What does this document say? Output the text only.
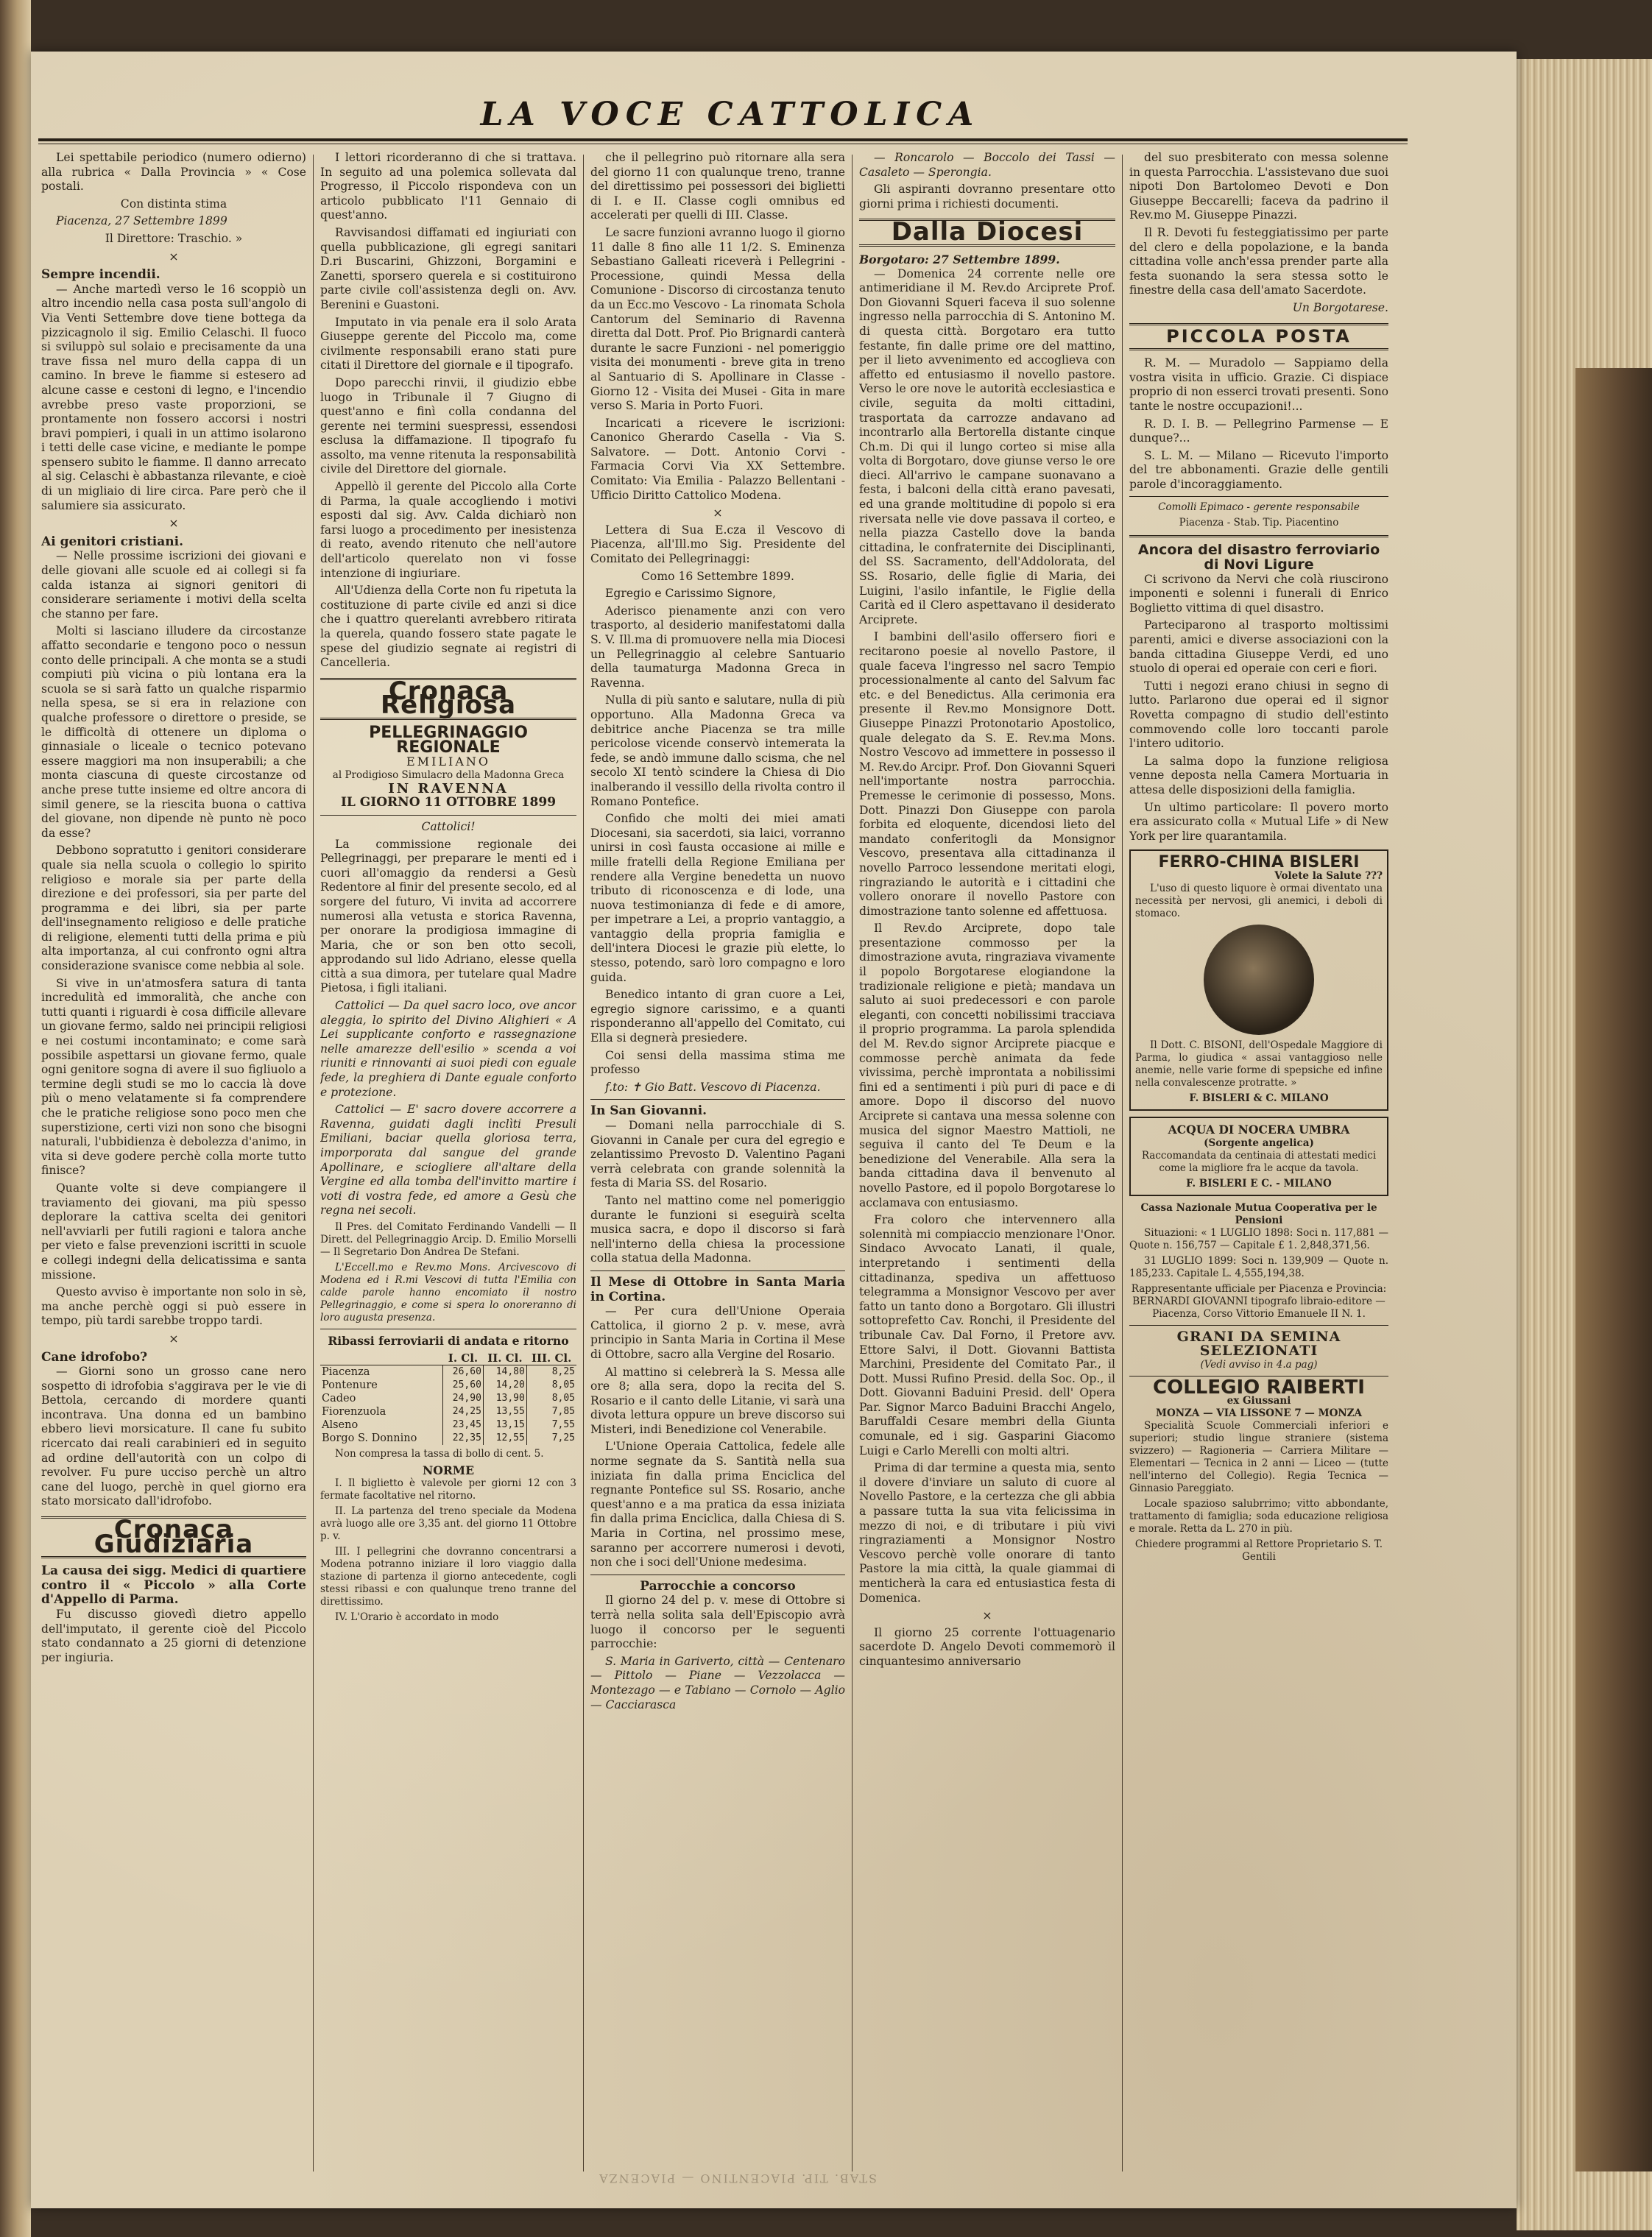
LA VOCE CATTOLICA

Lei spettabile periodico (numero odierno) alla rubrica « Dalla Provincia » « Cose postali.

Con distinta stima

Piacenza, 27 Settembre 1899

Il Direttore: Traschio. »

×
Sempre incendii.

— Anche martedì verso le 16 scoppiò un altro incendio nella casa posta sull'angolo di Via Venti Settembre dove tiene bottega da pizzicagnolo il sig. Emilio Celaschi. Il fuoco si sviluppò sul solaio e precisamente da una trave fissa nel muro della cappa di un camino. In breve le fiamme si estesero ad alcune casse e cestoni di legno, e l'incendio avrebbe preso vaste proporzioni, se prontamente non fossero accorsi i nostri bravi pompieri, i quali in un attimo isolarono i tetti delle case vicine, e mediante le pompe spensero subito le fiamme. Il danno arrecato al sig. Celaschi è abbastanza rilevante, e cioè di un migliaio di lire circa. Pare però che il salumiere sia assicurato.

×
Ai genitori cristiani.

— Nelle prossime iscrizioni dei giovani e delle giovani alle scuole ed ai collegi si fa calda istanza ai signori genitori di considerare seriamente i motivi della scelta che stanno per fare.

Molti si lasciano illudere da circostanze affatto secondarie e tengono poco o nessun conto delle principali. A che monta se a studi compiuti più vicina o più lontana era la scuola se si sarà fatto un qualche risparmio nella spesa, se si era in relazione con qualche professore o direttore o preside, se le difficoltà di ottenere un diploma o ginnasiale o liceale o tecnico potevano essere maggiori ma non insuperabili; a che monta ciascuna di queste circostanze od anche prese tutte insieme ed oltre ancora di simil genere, se la riescita buona o cattiva del giovane, non dipende nè punto nè poco da esse?

Debbono sopratutto i genitori considerare quale sia nella scuola o collegio lo spirito religioso e morale sia per parte della direzione e dei professori, sia per parte del programma e dei libri, sia per parte dell'insegnamento religioso e delle pratiche di religione, elementi tutti della prima e più alta importanza, al cui confronto ogni altra considerazione svanisce come nebbia al sole.

Si vive in un'atmosfera satura di tanta incredulità ed immoralità, che anche con tutti quanti i riguardi è cosa difficile allevare un giovane fermo, saldo nei principii religiosi e nei costumi incontaminato; e come sarà possibile aspettarsi un giovane fermo, quale ogni genitore sogna di avere il suo figliuolo a termine degli studi se mo lo caccia là dove più o meno velatamente si fa comprendere che le pratiche religiose sono poco men che superstizione, certi vizi non sono che bisogni naturali, l'ubbidienza è debolezza d'animo, in vita si deve godere perchè colla morte tutto finisce?

Quante volte si deve compiangere il traviamento dei giovani, ma più spesso deplorare la cattiva scelta dei genitori nell'avviarli per futili ragioni e talora anche per vieto e false prevenzioni iscritti in scuole e collegi indegni della delicatissima e santa missione.

Questo avviso è importante non solo in sè, ma anche perchè oggi si può essere in tempo, più tardi sarebbe troppo tardi.

×
Cane idrofobo?

— Giorni sono un grosso cane nero sospetto di idrofobia s'aggirava per le vie di Bettola, cercando di mordere quanti incontrava. Una donna ed un bambino ebbero lievi morsicature. Il cane fu subito ricercato dai reali carabinieri ed in seguito ad ordine dell'autorità con un colpo di revolver. Fu pure ucciso perchè un altro cane del luogo, perchè in quel giorno era stato morsicato dall'idrofobo.

Cronaca Giudiziaria
La causa dei sigg. Medici di quartiere contro il « Piccolo » alla Corte d'Appello di Parma.

Fu discusso giovedì dietro appello dell'imputato, il gerente cioè del Piccolo stato condannato a 25 giorni di detenzione per ingiuria.

I lettori ricorderanno di che si trattava. In seguito ad una polemica sollevata dal Progresso, il Piccolo rispondeva con un articolo pubblicato l'11 Gennaio di quest'anno.

Ravvisandosi diffamati ed ingiuriati con quella pubblicazione, gli egregi sanitari D.ri Buscarini, Ghizzoni, Borgamini e Zanetti, sporsero querela e si costituirono parte civile coll'assistenza degli on. Avv. Berenini e Guastoni.

Imputato in via penale era il solo Arata Giuseppe gerente del Piccolo ma, come civilmente responsabili erano stati pure citati il Direttore del giornale e il tipografo.

Dopo parecchi rinvii, il giudizio ebbe luogo in Tribunale il 7 Giugno di quest'anno e finì colla condanna del gerente nei termini suespressi, essendosi esclusa la diffamazione. Il tipografo fu assolto, ma venne ritenuta la responsabilità civile del Direttore del giornale.

Appellò il gerente del Piccolo alla Corte di Parma, la quale accogliendo i motivi esposti dal sig. Avv. Calda dichiarò non farsi luogo a procedimento per inesistenza di reato, avendo ritenuto che nell'autore dell'articolo querelato non vi fosse intenzione di ingiuriare.

All'Udienza della Corte non fu ripetuta la costituzione di parte civile ed anzi si dice che i quattro querelanti avrebbero ritirata la querela, quando fossero state pagate le spese del giudizio segnate ai registri di Cancelleria.

Cronaca Religiosa
PELLEGRINAGGIO REGIONALE
EMILIANO
al Prodigioso Simulacro della Madonna Greca
IN RAVENNA
IL GIORNO 11 OTTOBRE 1899

Cattolici!

La commissione regionale dei Pellegrinaggi, per preparare le menti ed i cuori all'omaggio da rendersi a Gesù Redentore al finir del presente secolo, ed al sorgere del futuro, Vi invita ad accorrere numerosi alla vetusta e storica Ravenna, per onorare la prodigiosa immagine di Maria, che or son ben otto secoli, approdando sul lido Adriano, elesse quella città a sua dimora, per tutelare qual Madre Pietosa, i figli italiani.

Cattolici — Da quel sacro loco, ove ancor aleggia, lo spirito del Divino Alighieri « A Lei supplicante conforto e rassegnazione nelle amarezze dell'esilio » scenda a voi riuniti e rinnovanti ai suoi piedi con eguale fede, la preghiera di Dante eguale conforto e protezione.

Cattolici — E' sacro dovere accorrere a Ravenna, guidati dagli inclìti Presuli Emiliani, baciar quella gloriosa terra, imporporata dal sangue del grande Apollinare, e sciogliere all'altare della Vergine ed alla tomba dell'invitto martire i voti di vostra fede, ed amore a Gesù che regna nei secoli.

Il Pres. del Comitato Ferdinando Vandelli — Il Dirett. del Pellegrinaggio Arcip. D. Emilio Morselli — Il Segretario Don Andrea De Stefani.

L'Eccell.mo e Rev.mo Mons. Arcivescovo di Modena ed i R.mi Vescovi di tutta l'Emilia con calde parole hanno encomiato il nostro Pellegrinaggio, e come si spera lo onoreranno di loro augusta presenza.

Ribassi ferroviarii di andata e ritorno
	I. Cl.	II. Cl.	III. Cl.
Piacenza	26,60	14,80	8,25
Pontenure	25,60	14,20	8,05
Cadeo	24,90	13,90	8,05
Fiorenzuola	24,25	13,55	7,85
Alseno	23,45	13,15	7,55
Borgo S. Donnino	22,35	12,55	7,25

Non compresa la tassa di bollo di cent. 5.

NORME

I. Il biglietto è valevole per giorni 12 con 3 fermate facoltative nel ritorno.

II. La partenza del treno speciale da Modena avrà luogo alle ore 3,35 ant. del giorno 11 Ottobre p. v.

III. I pellegrini che dovranno concentrarsi a Modena potranno iniziare il loro viaggio dalla stazione di partenza il giorno antecedente, cogli stessi ribassi e con qualunque treno tranne del direttissimo.

IV. L'Orario è accordato in modo

che il pellegrino può ritornare alla sera del giorno 11 con qualunque treno, tranne del direttissimo pei possessori dei biglietti di I. e II. Classe cogli omnibus ed accelerati per quelli di III. Classe.

Le sacre funzioni avranno luogo il giorno 11 dalle 8 fino alle 11 1/2. S. Eminenza Sebastiano Galleati riceverà i Pellegrini - Processione, quindi Messa della Comunione - Discorso di circostanza tenuto da un Ecc.mo Vescovo - La rinomata Schola Cantorum del Seminario di Ravenna diretta dal Dott. Prof. Pio Brignardi canterà durante le sacre Funzioni - nel pomeriggio visita dei monumenti - breve gita in treno al Santuario di S. Apollinare in Classe - Giorno 12 - Visita dei Musei - Gita in mare verso S. Maria in Porto Fuori.

Incaricati a ricevere le iscrizioni: Canonico Gherardo Casella - Via S. Salvatore. — Dott. Antonio Corvi - Farmacia Corvi Via XX Settembre. Comitato: Via Emilia - Palazzo Bellentani - Ufficio Diritto Cattolico Modena.

×

Lettera di Sua E.cza il Vescovo di Piacenza, all'Ill.mo Sig. Presidente del Comitato dei Pellegrinaggi:

Como 16 Settembre 1899.

Egregio e Carissimo Signore,

Aderisco pienamente anzi con vero trasporto, al desiderio manifestatomi dalla S. V. Ill.ma di promuovere nella mia Diocesi un Pellegrinaggio al celebre Santuario della taumaturga Madonna Greca in Ravenna.

Nulla di più santo e salutare, nulla di più opportuno. Alla Madonna Greca va debitrice anche Piacenza se tra mille pericolose vicende conservò intemerata la fede, se andò immune dallo scisma, che nel secolo XI tentò scindere la Chiesa di Dio inalberando il vessillo della rivolta contro il Romano Pontefice.

Confido che molti dei miei amati Diocesani, sia sacerdoti, sia laici, vorranno unirsi in così fausta occasione ai mille e mille fratelli della Regione Emiliana per rendere alla Vergine benedetta un nuovo tributo di riconoscenza e di lode, una nuova testimonianza di fede e di amore, per impetrare a Lei, a proprio vantaggio, a vantaggio della propria famiglia e dell'intera Diocesi le grazie più elette, lo stesso, potendo, sarò loro compagno e loro guida.

Benedico intanto di gran cuore a Lei, egregio signore carissimo, e a quanti risponderanno all'appello del Comitato, cui Ella si degnerà presiedere.

Coi sensi della massima stima me professo

f.to: ✝ Gio Batt. Vescovo di Piacenza.

In San Giovanni.

— Domani nella parrocchiale di S. Giovanni in Canale per cura del egregio e zelantissimo Prevosto D. Valentino Pagani verrà celebrata con grande solennità la festa di Maria SS. del Rosario.

Tanto nel mattino come nel pomeriggio durante le funzioni si eseguirà scelta musica sacra, e dopo il discorso si farà nell'interno della chiesa la processione colla statua della Madonna.

Il Mese di Ottobre in Santa Maria in Cortina.

— Per cura dell'Unione Operaia Cattolica, il giorno 2 p. v. mese, avrà principio in Santa Maria in Cortina il Mese di Ottobre, sacro alla Vergine del Rosario.

Al mattino si celebrerà la S. Messa alle ore 8; alla sera, dopo la recita del S. Rosario e il canto delle Litanie, vi sarà una divota lettura oppure un breve discorso sui Misteri, indi Benedizione col Venerabile.

L'Unione Operaia Cattolica, fedele alle norme segnate da S. Santità nella sua iniziata fin dalla prima Enciclica del regnante Pontefice sul SS. Rosario, anche quest'anno e a ma pratica da essa iniziata fin dalla prima Enciclica, dalla Chiesa di S. Maria in Cortina, nel prossimo mese, saranno per accorrere numerosi i devoti, non che i soci dell'Unione medesima.

Parrocchie a concorso

Il giorno 24 del p. v. mese di Ottobre si terrà nella solita sala dell'Episcopio avrà luogo il concorso per le seguenti parrocchie:

S. Maria in Gariverto, città — Centenaro — Pittolo — Piane — Vezzolacca — Montezago — e Tabiano — Cornolo — Aglio — Cacciarasca

— Roncarolo — Boccolo dei Tassi — Casaleto — Sperongia.

Gli aspiranti dovranno presentare otto giorni prima i richiesti documenti.

Dalla Diocesi
Borgotaro: 27 Settembre 1899.

— Domenica 24 corrente nelle ore antimeridiane il M. Rev.do Arciprete Prof. Don Giovanni Squeri faceva il suo solenne ingresso nella parrocchia di S. Antonino M. di questa città. Borgotaro era tutto festante, fin dalle prime ore del mattino, per il lieto avvenimento ed accoglieva con affetto ed entusiasmo il novello pastore. Verso le ore nove le autorità ecclesiastica e civile, seguita da molti cittadini, trasportata da carrozze andavano ad incontrarlo alla Bertorella distante cinque Ch.m. Di qui il lungo corteo si mise alla volta di Borgotaro, dove giunse verso le ore dieci. All'arrivo le campane suonavano a festa, i balconi della città erano pavesati, ed una grande moltitudine di popolo si era riversata nelle vie dove passava il corteo, e nella piazza Castello dove la banda cittadina, le confraternite dei Disciplinanti, del SS. Sacramento, dell'Addolorata, del SS. Rosario, delle figlie di Maria, dei Luigini, l'asilo infantile, le Figlie della Carità ed il Clero aspettavano il desiderato Arciprete.

I bambini dell'asilo offersero fiori e recitarono poesie al novello Pastore, il quale faceva l'ingresso nel sacro Tempio processionalmente al canto del Salvum fac etc. e del Benedictus. Alla cerimonia era presente il Rev.mo Monsignore Dott. Giuseppe Pinazzi Protonotario Apostolico, quale delegato da S. E. Rev.ma Mons. Nostro Vescovo ad immettere in possesso il M. Rev.do Arcipr. Prof. Don Giovanni Squeri nell'importante nostra parrocchia. Premesse le cerimonie di possesso, Mons. Dott. Pinazzi Don Giuseppe con parola forbita ed eloquente, dicendosi lieto del mandato conferitogli da Monsignor Vescovo, presentava alla cittadinanza il novello Parroco lessendone meritati elogi, ringraziando le autorità e i cittadini che vollero onorare il novello Pastore con dimostrazione tanto solenne ed affettuosa.

Il Rev.do Arciprete, dopo tale presentazione commosso per la dimostrazione avuta, ringraziava vivamente il popolo Borgotarese elogiandone la tradizionale religione e pietà; mandava un saluto ai suoi predecessori e con parole eleganti, con concetti nobilissimi tracciava il proprio programma. La parola splendida del M. Rev.do signor Arciprete piacque e commosse perchè animata da fede vivissima, perchè improntata a nobilissimi fini ed a sentimenti i più puri di pace e di amore. Dopo il discorso del nuovo Arciprete si cantava una messa solenne con musica del signor Maestro Mattioli, ne seguiva il canto del Te Deum e la benedizione del Venerabile. Alla sera la banda cittadina dava il benvenuto al novello Pastore, ed il popolo Borgotarese lo acclamava con entusiasmo.

Fra coloro che intervennero alla solennità mi compiaccio menzionare l'Onor. Sindaco Avvocato Lanati, il quale, interpretando i sentimenti della cittadinanza, spediva un affettuoso telegramma a Monsignor Vescovo per aver fatto un tanto dono a Borgotaro. Gli illustri sottoprefetto Cav. Ronchi, il Presidente del tribunale Cav. Dal Forno, il Pretore avv. Ettore Salvi, il Dott. Giovanni Battista Marchini, Presidente del Comitato Par., il Dott. Mussi Rufino Presid. della Soc. Op., il Dott. Giovanni Baduini Presid. dell' Opera Par. Signor Marco Baduini Bracchi Angelo, Baruffaldi Cesare membri della Giunta comunale, ed i sig. Gasparini Giacomo Luigi e Carlo Merelli con molti altri.

Prima di dar termine a questa mia, sento il dovere d'inviare un saluto di cuore al Novello Pastore, e la certezza che gli abbia a passare tutta la sua vita felicissima in mezzo di noi, e di tributare i più vivi ringraziamenti a Monsignor Nostro Vescovo perchè volle onorare di tanto Pastore la mia città, la quale giammai di menticherà la cara ed entusiastica festa di Domenica.

×

Il giorno 25 corrente l'ottuagenario sacerdote D. Angelo Devoti commemorò il cinquantesimo anniversario

del suo presbiterato con messa solenne in questa Parrocchia. L'assistevano due suoi nipoti Don Bartolomeo Devoti e Don Giuseppe Beccarelli; faceva da padrino il Rev.mo M. Giuseppe Pinazzi.

Il R. Devoti fu festeggiatissimo per parte del clero e della popolazione, e la banda cittadina volle anch'essa prender parte alla festa suonando la sera stessa sotto le finestre della casa dell'amato Sacerdote.

Un Borgotarese.

PICCOLA POSTA

R. M. — Muradolo — Sappiamo della vostra visita in ufficio. Grazie. Ci dispiace proprio di non esserci trovati presenti. Sono tante le nostre occupazioni!...

R. D. I. B. — Pellegrino Parmense — E dunque?...

S. L. M. — Milano — Ricevuto l'importo del tre abbonamenti. Grazie delle gentili parole d'incoraggiamento.

Comolli Epimaco - gerente responsabile

Piacenza - Stab. Tip. Piacentino

Ancora del disastro ferroviario di Novi Ligure

Ci scrivono da Nervi che colà riuscirono imponenti e solenni i funerali di Enrico Boglietto vittima di quel disastro.

Parteciparono al trasporto moltissimi parenti, amici e diverse associazioni con la banda cittadina Giuseppe Verdi, ed uno stuolo di operai ed operaie con ceri e fiori.

Tutti i negozi erano chiusi in segno di lutto. Parlarono due operai ed il signor Rovetta compagno di studio dell'estinto commovendo colle loro toccanti parole l'intero uditorio.

La salma dopo la funzione religiosa venne deposta nella Camera Mortuaria in attesa delle disposizioni della famiglia.

Un ultimo particolare: Il povero morto era assicurato colla « Mutual Life » di New York per lire quarantamila.

FERRO-CHINA BISLERI
Volete la Salute ???

L'uso di questo liquore è ormai diventato una necessità per nervosi, gli anemici, i deboli di stomaco.

Il Dott. C. BISONI, dell'Ospedale Maggiore di Parma, lo giudica « assai vantaggioso nelle anemie, nelle varie forme di spepsiche ed infine nella convalescenze protratte. »

F. BISLERI & C. MILANO
ACQUA DI NOCERA UMBRA
(Sorgente angelica)

Raccomandata da centinaia di attestati medici come la migliore fra le acque da tavola.

F. BISLERI E C. - MILANO
Cassa Nazionale Mutua Cooperativa per le Pensioni

Situazioni: « 1 LUGLIO 1898: Soci n. 117,881 — Quote n. 156,757 — Capitale £ 1. 2,848,371,56.

31 LUGLIO 1899: Soci n. 139,909 — Quote n. 185,233. Capitale L. 4,555,194,38.

Rappresentante ufficiale per Piacenza e Provincia: BERNARDI GIOVANNI tipografo libraio-editore — Piacenza, Corso Vittorio Emanuele II N. 1.

GRANI DA SEMINA SELEZIONATI
(Vedi avviso in 4.a pag)
COLLEGIO RAIBERTI
ex Giussani
MONZA — VIA LISSONE 7 — MONZA

Specialità Scuole Commerciali inferiori e superiori; studio lingue straniere (sistema svizzero) — Ragioneria — Carriera Militare — Elementari — Tecnica in 2 anni — Liceo — (tutte nell'interno del Collegio). Regia Tecnica — Ginnasio Pareggiato.

Locale spazioso salubrrimo; vitto abbondante, trattamento di famiglia; soda educazione religiosa e morale. Retta da L. 270 in più.

Chiedere programmi al Rettore Proprietario S. T. Gentili

STAB. TIP. PIACENTINO — PIACENZA
